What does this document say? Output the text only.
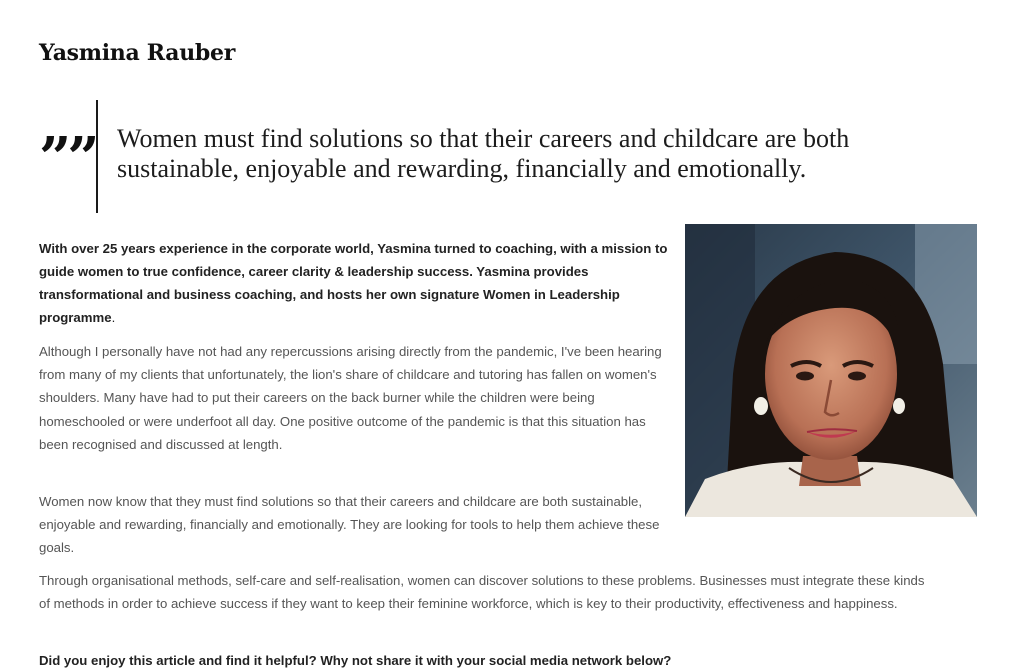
Yasmina Rauber
”” Women must find solutions so that their careers and childcare are both sustainable, enjoyable and rewarding, financially and emotionally.

With over 25 years experience in the corporate world, Yasmina turned to coaching, with a mission to guide women to true confidence, career clarity & leadership success. Yasmina provides transformational and business coaching, and hosts her own signature Women in Leadership programme.

Although I personally have not had any repercussions arising directly from the pandemic, I've been hearing from many of my clients that unfortunately, the lion's share of childcare and tutoring has fallen on women's shoulders. Many have had to put their careers on the back burner while the children were being homeschooled or were underfoot all day. One positive outcome of the pandemic is that this situation has been recognised and discussed at length.

Women now know that they must find solutions so that their careers and childcare are both sustainable, enjoyable and rewarding, financially and emotionally. They are looking for tools to help them achieve these goals.

Through organisational methods, self-care and self-realisation, women can discover solutions to these problems. Businesses must integrate these kinds of methods in order to achieve success if they want to keep their feminine workforce, which is key to their productivity, effectiveness and happiness.

Did you enjoy this article and find it helpful? Why not share it with your social media network below?
